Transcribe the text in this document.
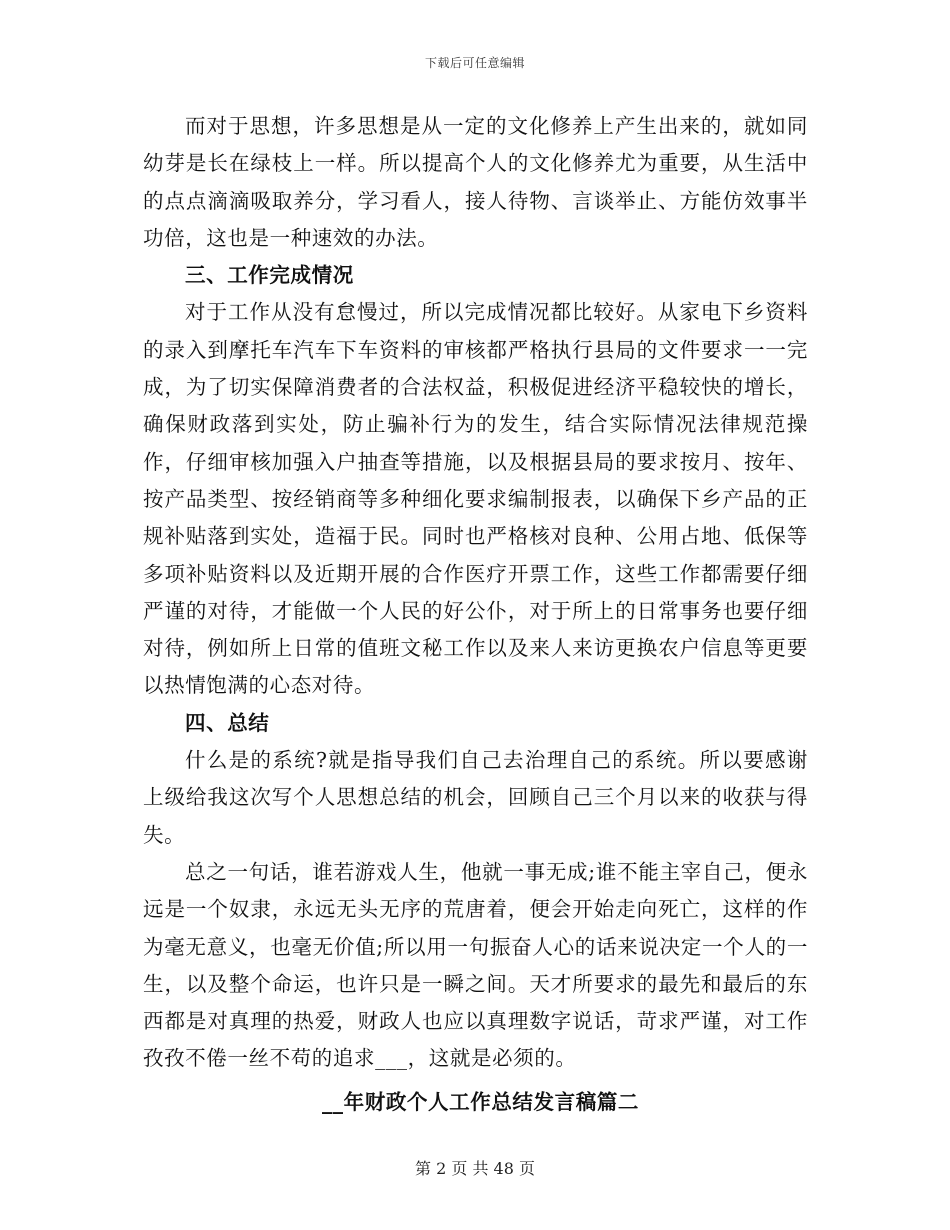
下载后可任意编辑

而对于思想，许多思想是从一定的文化修养上产生出来的，就如同幼芽是长在绿枝上一样。所以提高个人的文化修养尤为重要，从生活中的点点滴滴吸取养分，学习看人，接人待物、言谈举止、方能仿效事半功倍，这也是一种速效的办法。

三、工作完成情况

对于工作从没有怠慢过，所以完成情况都比较好。从家电下乡资料的录入到摩托车汽车下车资料的审核都严格执行县局的文件要求一一完成，为了切实保障消费者的合法权益，积极促进经济平稳较快的增长，确保财政落到实处，防止骗补行为的发生，结合实际情况法律规范操作，仔细审核加强入户抽查等措施，以及根据县局的要求按月、按年、按产品类型、按经销商等多种细化要求编制报表，以确保下乡产品的正规补贴落到实处，造福于民。同时也严格核对良种、公用占地、低保等多项补贴资料以及近期开展的合作医疗开票工作，这些工作都需要仔细严谨的对待，才能做一个人民的好公仆，对于所上的日常事务也要仔细对待，例如所上日常的值班文秘工作以及来人来访更换农户信息等更要以热情饱满的心态对待。

四、总结

什么是的系统?就是指导我们自己去治理自己的系统。所以要感谢上级给我这次写个人思想总结的机会，回顾自己三个月以来的收获与得失。

总之一句话，谁若游戏人生，他就一事无成;谁不能主宰自己，便永远是一个奴隶，永远无头无序的荒唐着，便会开始走向死亡，这样的作为毫无意义，也毫无价值;所以用一句振奋人心的话来说决定一个人的一生，以及整个命运，也许只是一瞬之间。天才所要求的最先和最后的东西都是对真理的热爱，财政人也应以真理数字说话，苛求严谨，对工作孜孜不倦一丝不苟的追求___，这就是必须的。

__年财政个人工作总结发言稿篇二

第 2 页 共 48 页
